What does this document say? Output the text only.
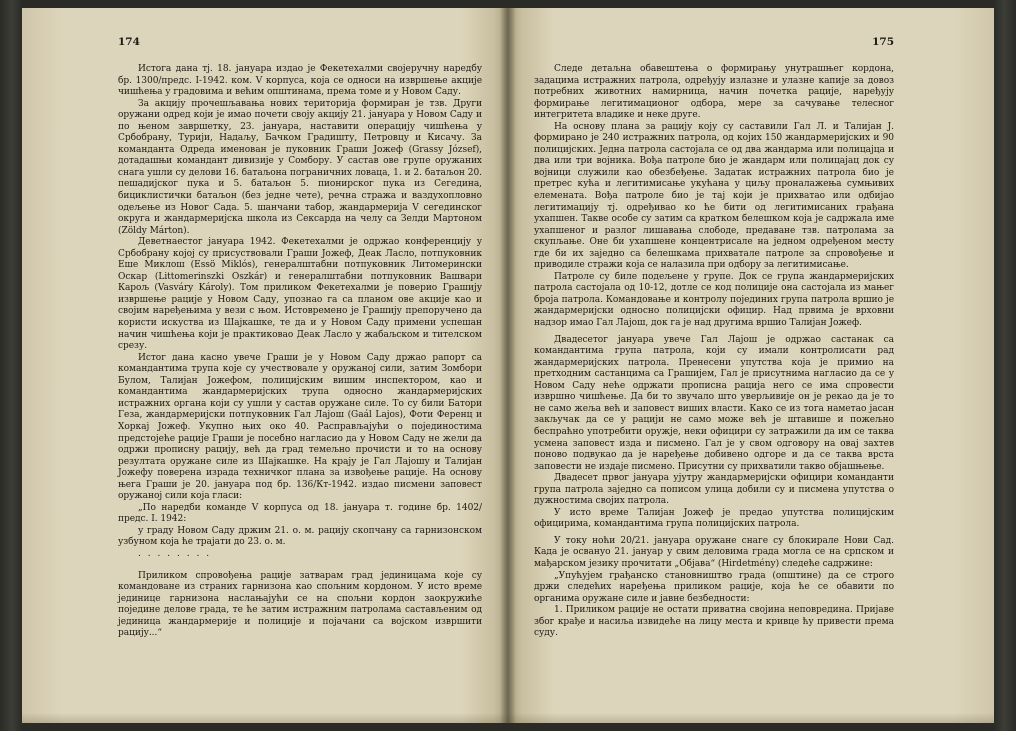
174

Истога дана тј. 18. јануара издао је Фекетехалми својеручну наредбу бр. 1300/предс. I-1942. ком. V корпуса, која се односи на извршење акције чишћења у градовима и већим општинама, према томе и у Новом Саду.

За акцију прочешљавања нових територија формиран је тзв. Други оружани одред који је имао почети своју акцију 21. јануара у Новом Саду и по њеном завршетку, 23. јануара, наставити операцију чишћења у Србобрану, Турији, Надаљу, Бачком Градишту, Петровцу и Кисачу. За команданта Одреда именован је пуковник Граши Јожеф (Grassy József), дотадашњи командант дивизије у Сомбору. У састав ове групе оружаних снага ушли су делови 16. батаљона пограничних ловаца, 1. и 2. батаљон 20. пешадијског пука и 5. батаљон 5. пионирског пука из Сегедина, бициклистички батаљон (без једне чете), речна стража и ваздухопловно одељење из Новог Сада. 5. шанчани табор, жандармерија V сегединског округа и жандармеријска школа из Сексарда на челу са Зелди Мартоном (Zöldy Márton).

Деветнаестог јануара 1942. Фекетехалми је одржао конференцију у Србобрану којој су присуствовали Граши Јожеф, Деак Ласло, потпуковник Еше Миклош (Essö Miklós), генералштабни потпуковник Литомерински Оскар (Littomerinszki Oszkár) и генералштабни потпуковник Вашвари Карољ (Vasváry Károly). Том приликом Фекетехалми је поверио Грашију извршење рације у Новом Саду, упознао га са планом ове акције као и својим наређењима у вези с њом. Истовремено је Грашију препоручено да користи искуства из Шајкашке, те да и у Новом Саду примени успешан начин чишћења који је практиковао Деак Ласло у жабаљском и тителском срезу.

Истог дана касно увече Граши је у Новом Саду држао рапорт са командантима трупа које су учествовале у оружаној сили, затим Зомбори Булом, Талијан Јожефом, полицијским вишим инспектором, као и командантима жандармеријских трупа односно жандармеријских истражних органа који су ушли у састав оружане силе. То су били Батори Геза, жандармеријски потпуковник Гал Лајош (Gaál Lajos), Фоти Ференц и Хоркај Јожеф. Укупно њих око 40. Расправљајући о појединостима предстојеће рације Граши је посебно нагласио да у Новом Саду не жели да одржи прописну рацију, већ да град темељно прочисти и то на основу резултата оружане силе из Шајкашке. На крају је Гал Лајошу и Талијан Јожефу поверена израда техничког плана за извођење рације. На основу њега Граши је 20. јануара под бр. 136/Кт-1942. издао писмени заповест оружаној сили која гласи:

„По наредби команде V корпуса од 18. јануара т. године бр. 1402/предс. I. 1942:

у граду Новом Саду држим 21. о. м. рацију скопчану са гарнизонском узбуном која ће трајати до 23. о. м.

. . . . . . . .

Приликом спровођења рације затварам град јединицама које су командоване из страних гарнизона као спољним кордоном. У исто време јединице гарнизона наслањајући се на спољни кордон заокружиће поједине делове града, те ће затим истражним патролама састављеним од јединица жандармерије и полиције и појачани са војском извршити рацију...“

175

Следе детаљна обавештења о формирању унутрашњег кордона, задацима истражних патрола, одређују излазне и улазне капије за довоз потребних животних намирница, начин почетка рације, наређују формирање легитимационог одбора, мере за сачување телесног интегритета владике и неке друге.

На основу плана за рацију коју су саставили Гал Л. и Талијан Ј. формирано је 240 истражних патрола, од којих 150 жандармеријских и 90 полицијских. Једна патрола састојала се од два жандарма или полицајца и два или три војника. Вођа патроле био је жандарм или полицајац док су војници служили као обезбеђење. Задатак истражних патрола био је претрес кућа и легитимисање укућана у циљу проналажења сумњивих елемената. Вођа патроле био је тај који је прихватао или одбијао легитимацију тј. одређивао ко ће бити од легитимисаних грађана ухапшен. Такве особе су затим са кратком белешком која је садржала име ухапшеног и разлог лишавања слободе, предаване тзв. патролама за скупљање. Оне би ухапшене концентрисале на једном одређеном месту где би их заједно са белешкама прихватале патроле за спровођење и приводиле стражи која се налазила при одбору за легитимисање.

Патроле су биле подељене у групе. Док се група жандармеријских патрола састојала од 10-12, дотле се код полиције она састојала из мањег броја патрола. Командовање и контролу појединих група патрола вршио је жандармеријски односно полицијски официр. Над првима је врховни надзор имао Гал Лајош, док га је над другима вршио Талијан Јожеф.

Двадесетог јануара увече Гал Лајош је одржао састанак са командантима група патрола, који су имали контролисати рад жандармеријских патрола. Пренесени упутства која је примио на претходним састанцима са Грашијем, Гал је присутнима нагласио да се у Новом Саду неће одржати прописна рација него се има спровести извршно чишћење. Да би то звучало што уверљивије он је рекао да је то не само жеља већ и заповест виших власти. Како се из тога наметао јасан закључак да се у рацији не само може већ је штавише и пожељно беспраћно употребити оружје, неки официри су затражили да им се таква усмена заповест изда и писмено. Гал је у свом одговору на овај захтев поново подвукао да је наређење добивено одгоре и да се таква врста заповести не издаје писмено. Присутни су прихватили такво објашњење.

Двадесет првог јануара ујутру жандармеријски официри команданти група патрола заједно са пописом улица добили су и писмена упутства о дужностима својих патрола.

У исто време Талијан Јожеф је предао упутства полицијским официрима, командантима група полицијских патрола.

У току ноћи 20/21. јануара оружане снаге су блокирале Нови Сад. Када је освануо 21. јануар у свим деловима града могла се на српском и мађарском језику прочитати „Објава“ (Hirdetmény) следеће садржине:

„Упућујем грађанско становништво града (општине) да се строго држи следећих наређења приликом рације, која ће се обавити по органима оружане силе и јавне безбедности:

1. Приликом рације не остати приватна својина неповредина. Пријаве због крађе и насиља извидеће на лицу места и кривце ћу привести према суду.
